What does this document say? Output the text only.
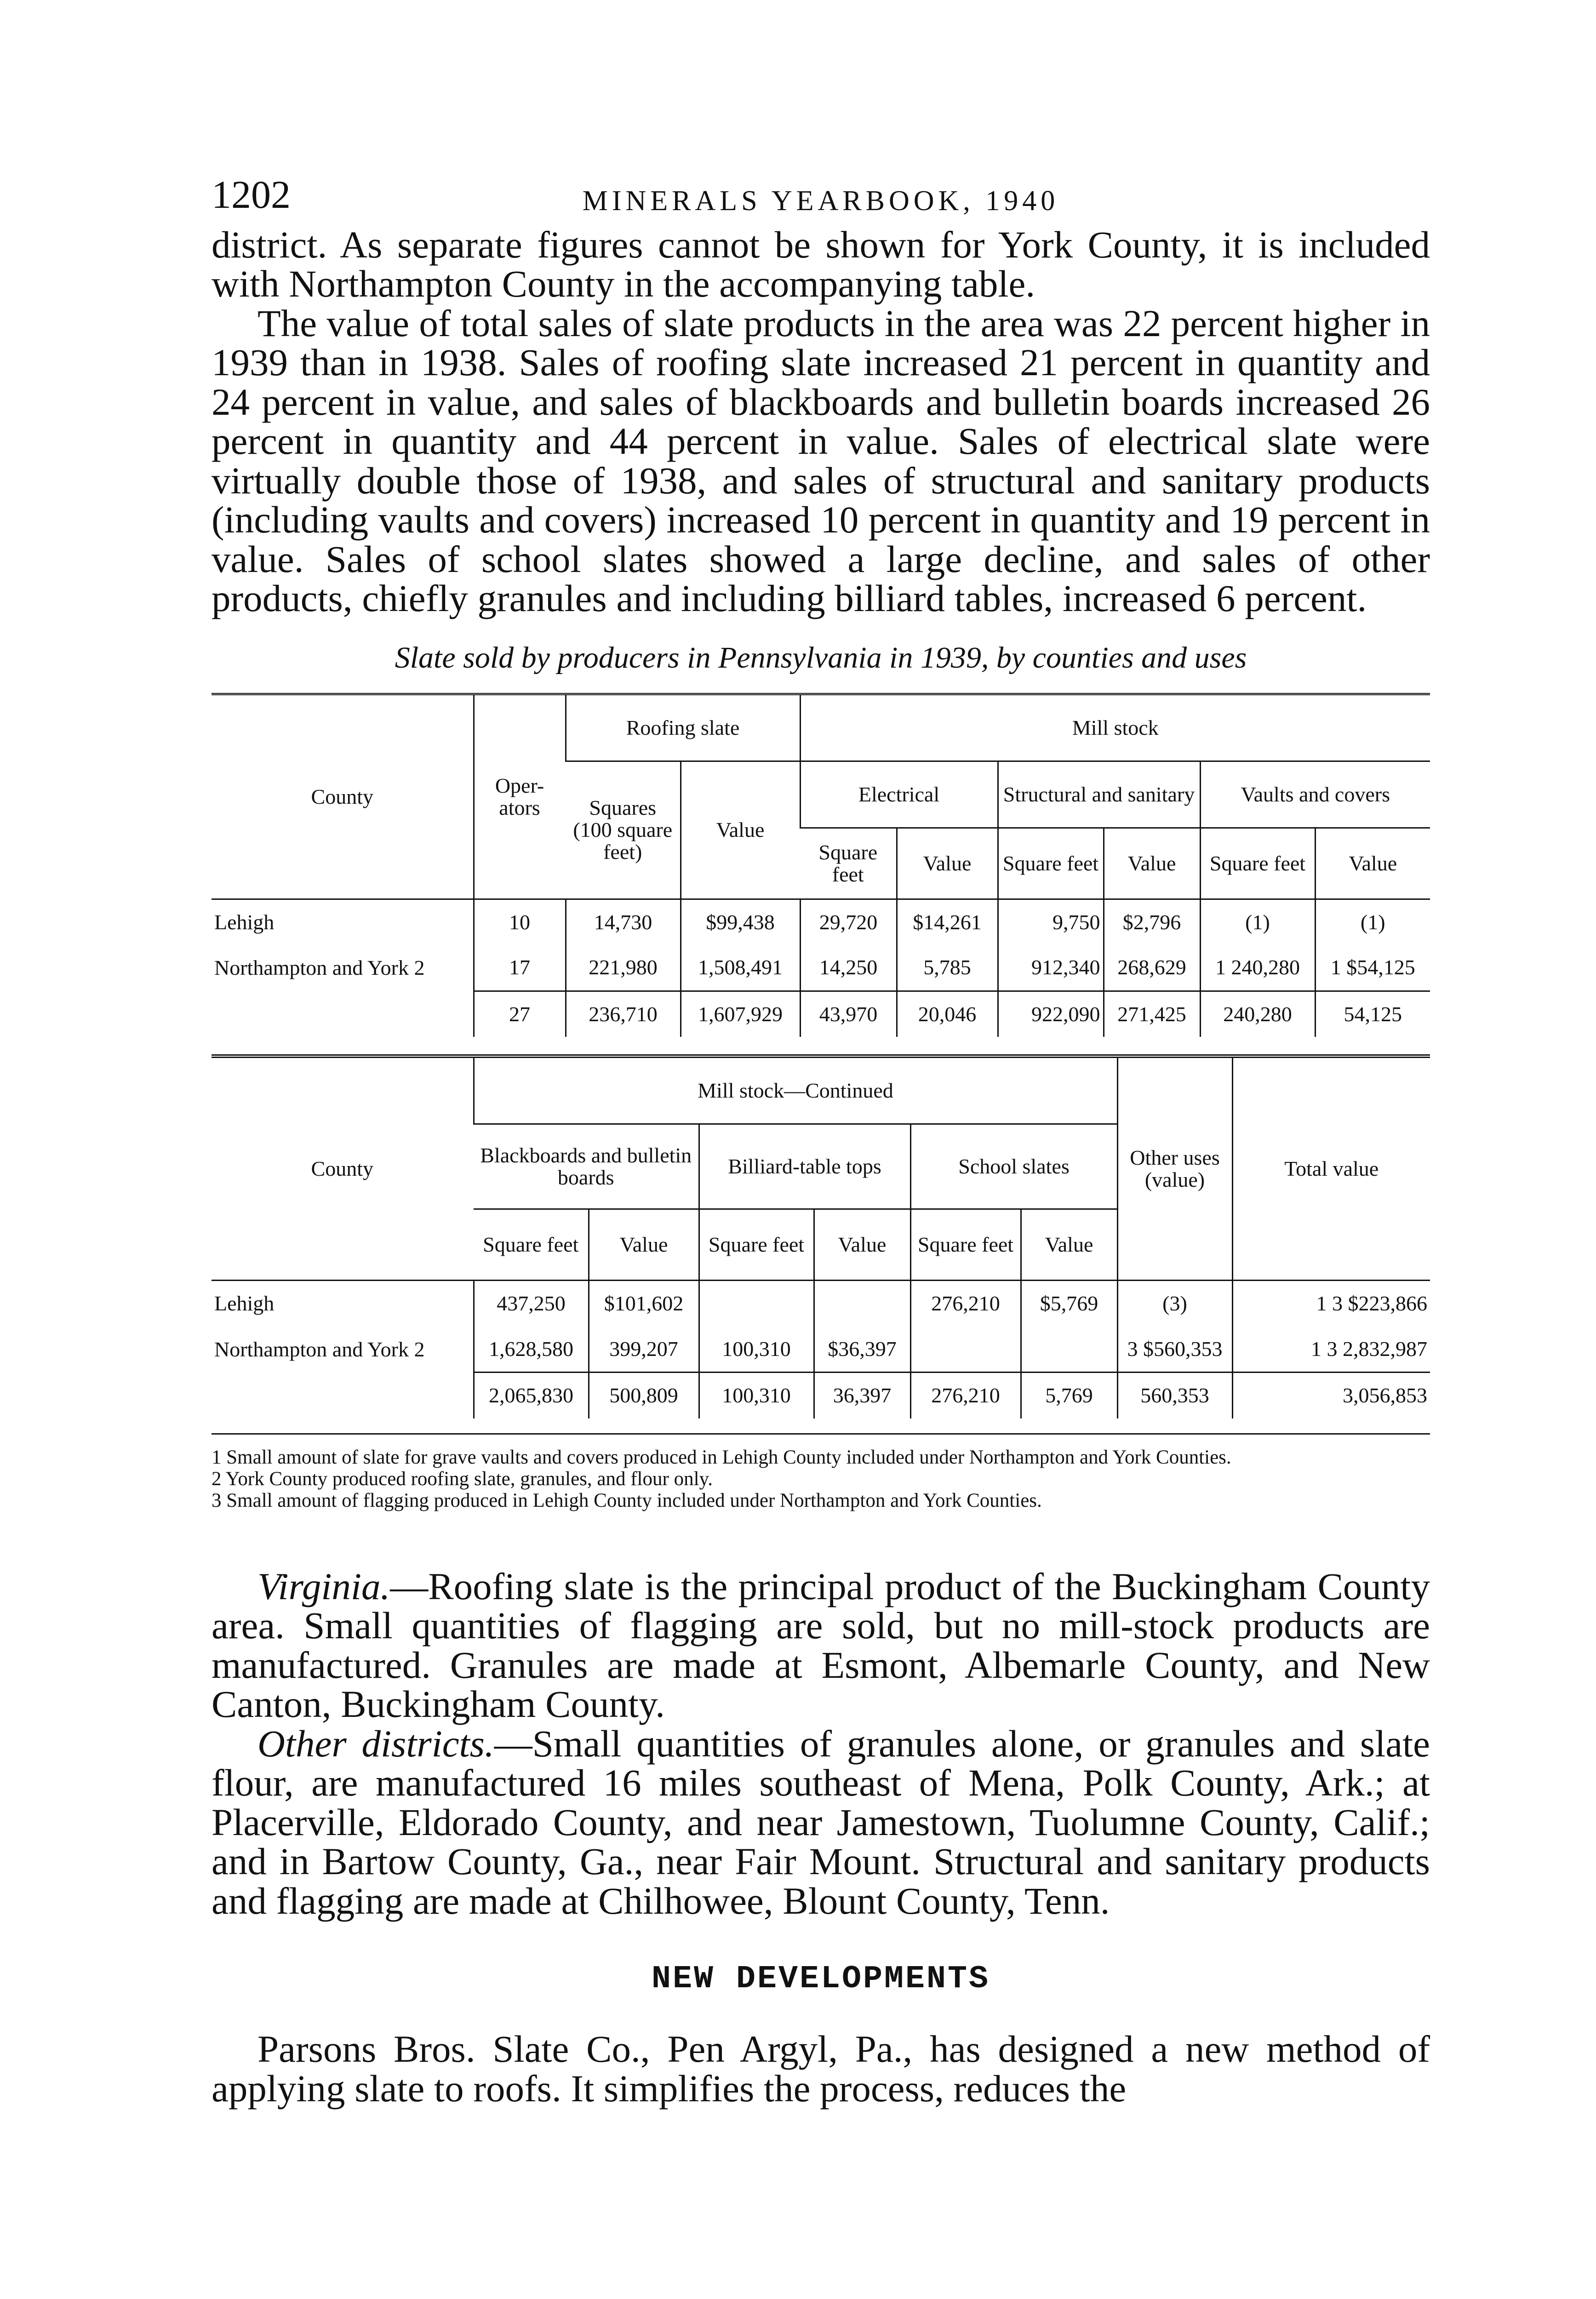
1202	MINERALS YEARBOOK, 1940

district. As separate figures cannot be shown for York County, it is included with Northampton County in the accompanying table.

The value of total sales of slate products in the area was 22 percent higher in 1939 than in 1938. Sales of roofing slate increased 21 percent in quantity and 24 percent in value, and sales of blackboards and bulletin boards increased 26 percent in quantity and 44 percent in value. Sales of electrical slate were virtually double those of 1938, and sales of structural and sanitary products (including vaults and covers) increased 10 percent in quantity and 19 percent in value. Sales of school slates showed a large decline, and sales of other products, chiefly granules and including billiard tables, increased 6 percent.

Slate sold by producers in Pennsylvania in 1939, by counties and uses
County	Oper-ators	Roofing slate		Mill stock					
		Squares (100 square feet)	Value	Electrical		Structural and sanitary		Vaults and covers	
				Square feet	Value	Square feet	Value	Square feet	Value
Lehigh	10	14,730	$99,438	29,720	$14,261	9,750	$2,796	(1)	(1)
Northampton and York 2	17	221,980	1,508,491	14,250	5,785	912,340	268,629	1 240,280	1 $54,125
	27	236,710	1,607,929	43,970	20,046	922,090	271,425	240,280	54,125
County	Mill stock—Continued						Other uses (value)	Total value
	Blackboards and bulletin boards		Billiard-table tops		School slates			
	Square feet	Value	Square feet	Value	Square feet	Value		
Lehigh	437,250	$101,602			276,210	$5,769	(3)	1 3 $223,866
Northampton and York 2	1,628,580	399,207	100,310	$36,397			3 $560,353	1 3 2,832,987
	2,065,830	500,809	100,310	36,397	276,210	5,769	560,353	3,056,853

1 Small amount of slate for grave vaults and covers produced in Lehigh County included under Northampton and York Counties.

2 York County produced roofing slate, granules, and flour only.

3 Small amount of flagging produced in Lehigh County included under Northampton and York Counties.

Virginia.—Roofing slate is the principal product of the Buckingham County area. Small quantities of flagging are sold, but no mill-stock products are manufactured. Granules are made at Esmont, Albemarle County, and New Canton, Buckingham County.

Other districts.—Small quantities of granules alone, or granules and slate flour, are manufactured 16 miles southeast of Mena, Polk County, Ark.; at Placerville, Eldorado County, and near Jamestown, Tuolumne County, Calif.; and in Bartow County, Ga., near Fair Mount. Structural and sanitary products and flagging are made at Chilhowee, Blount County, Tenn.

NEW DEVELOPMENTS

Parsons Bros. Slate Co., Pen Argyl, Pa., has designed a new method of applying slate to roofs. It simplifies the process, reduces the
